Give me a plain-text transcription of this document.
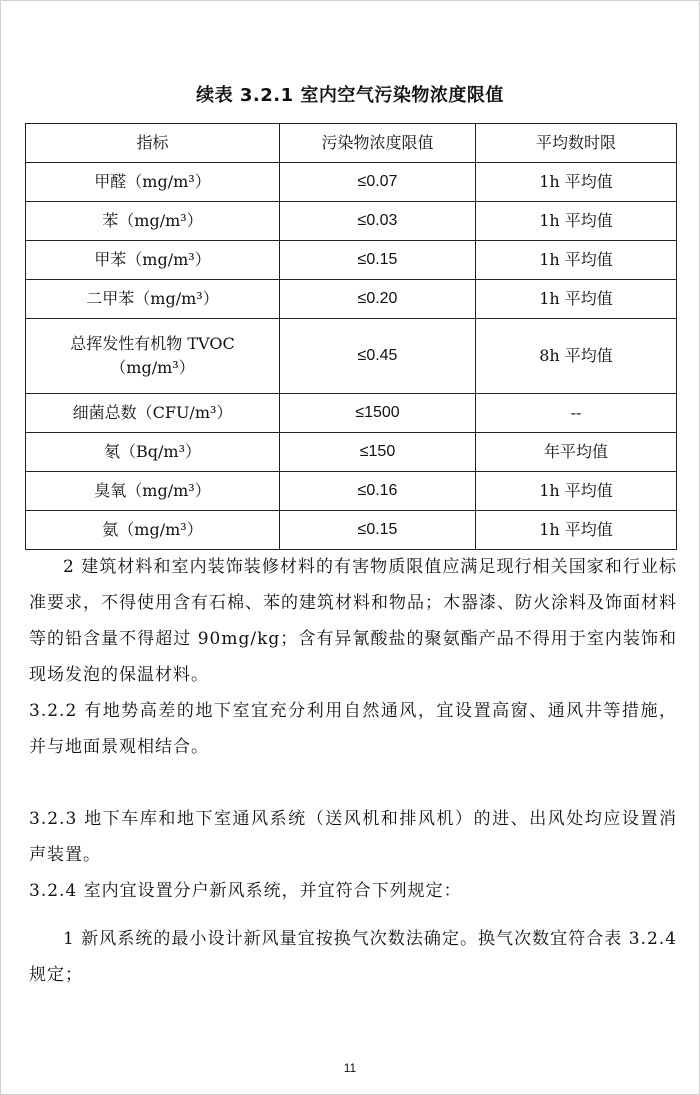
续表 3.2.1 室内空气污染物浓度限值
指标	污染物浓度限值	平均数时限
甲醛（mg/m³）	≤0.07	1h 平均值
苯（mg/m³）	≤0.03	1h 平均值
甲苯（mg/m³）	≤0.15	1h 平均值
二甲苯（mg/m³）	≤0.20	1h 平均值

总挥发性有机物 TVOC
（mg/m³）	≤0.45	8h 平均值
细菌总数（CFU/m³）	≤1500	--
氡（Bq/m³）	≤150	年平均值
臭氧（mg/m³）	≤0.16	1h 平均值
氨（mg/m³）	≤0.15	1h 平均值

2 建筑材料和室内装饰装修材料的有害物质限值应满足现行相关国家和行业标准要求，不得使用含有石棉、苯的建筑材料和物品；木器漆、防火涂料及饰面材料等的铅含量不得超过 90mg/kg；含有异氰酸盐的聚氨酯产品不得用于室内装饰和现场发泡的保温材料。

3.2.2 有地势高差的地下室宜充分利用自然通风，宜设置高窗、通风井等措施，并与地面景观相结合。

3.2.3 地下车库和地下室通风系统（送风机和排风机）的进、出风处均应设置消声装置。

3.2.4 室内宜设置分户新风系统，并宜符合下列规定：

1 新风系统的最小设计新风量宜按换气次数法确定。换气次数宜符合表 3.2.4 规定；

11
